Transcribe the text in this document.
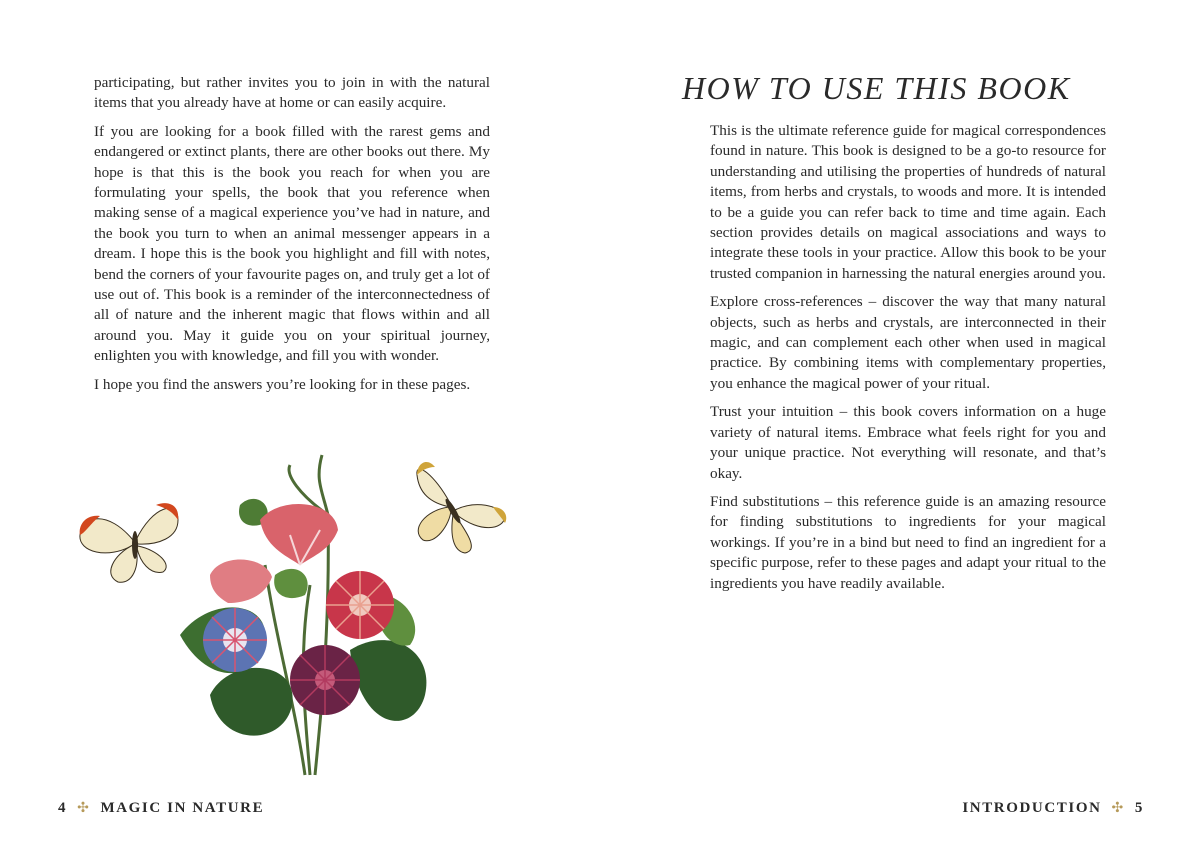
participating, but rather invites you to join in with the natural items that you already have at home or can easily acquire.

If you are looking for a book filled with the rarest gems and endangered or extinct plants, there are other books out there. My hope is that this is the book you reach for when you are formulating your spells, the book that you reference when making sense of a magical experience you’ve had in nature, and the book you turn to when an animal messenger appears in a dream. I hope this is the book you highlight and fill with notes, bend the corners of your favourite pages on, and truly get a lot of use out of. This book is a reminder of the interconnectedness of all of nature and the inherent magic that flows within and all around you. May it guide you on your spiritual journey, enlighten you with knowledge, and fill you with wonder.

I hope you find the answers you’re looking for in these pages.

4 ✣ MAGIC IN NATURE
HOW TO USE THIS BOOK

This is the ultimate reference guide for magical correspondences found in nature. This book is designed to be a go-to resource for understanding and utilising the properties of hundreds of natural items, from herbs and crystals, to woods and more. It is intended to be a guide you can refer back to time and time again. Each section provides details on magical associations and ways to integrate these tools in your practice. Allow this book to be your trusted companion in harnessing the natural energies around you.

Explore cross-references – discover the way that many natural objects, such as herbs and crystals, are interconnected in their magic, and can complement each other when used in magical practice. By combining items with complementary properties, you enhance the magical power of your ritual.

Trust your intuition – this book covers information on a huge variety of natural items. Embrace what feels right for you and your unique practice. Not everything will resonate, and that’s okay.

Find substitutions – this reference guide is an amazing resource for finding substitutions to ingredients for your magical workings. If you’re in a bind but need to find an ingredient for a specific purpose, refer to these pages and adapt your ritual to the ingredients you have readily available.

INTRODUCTION ✣ 5
